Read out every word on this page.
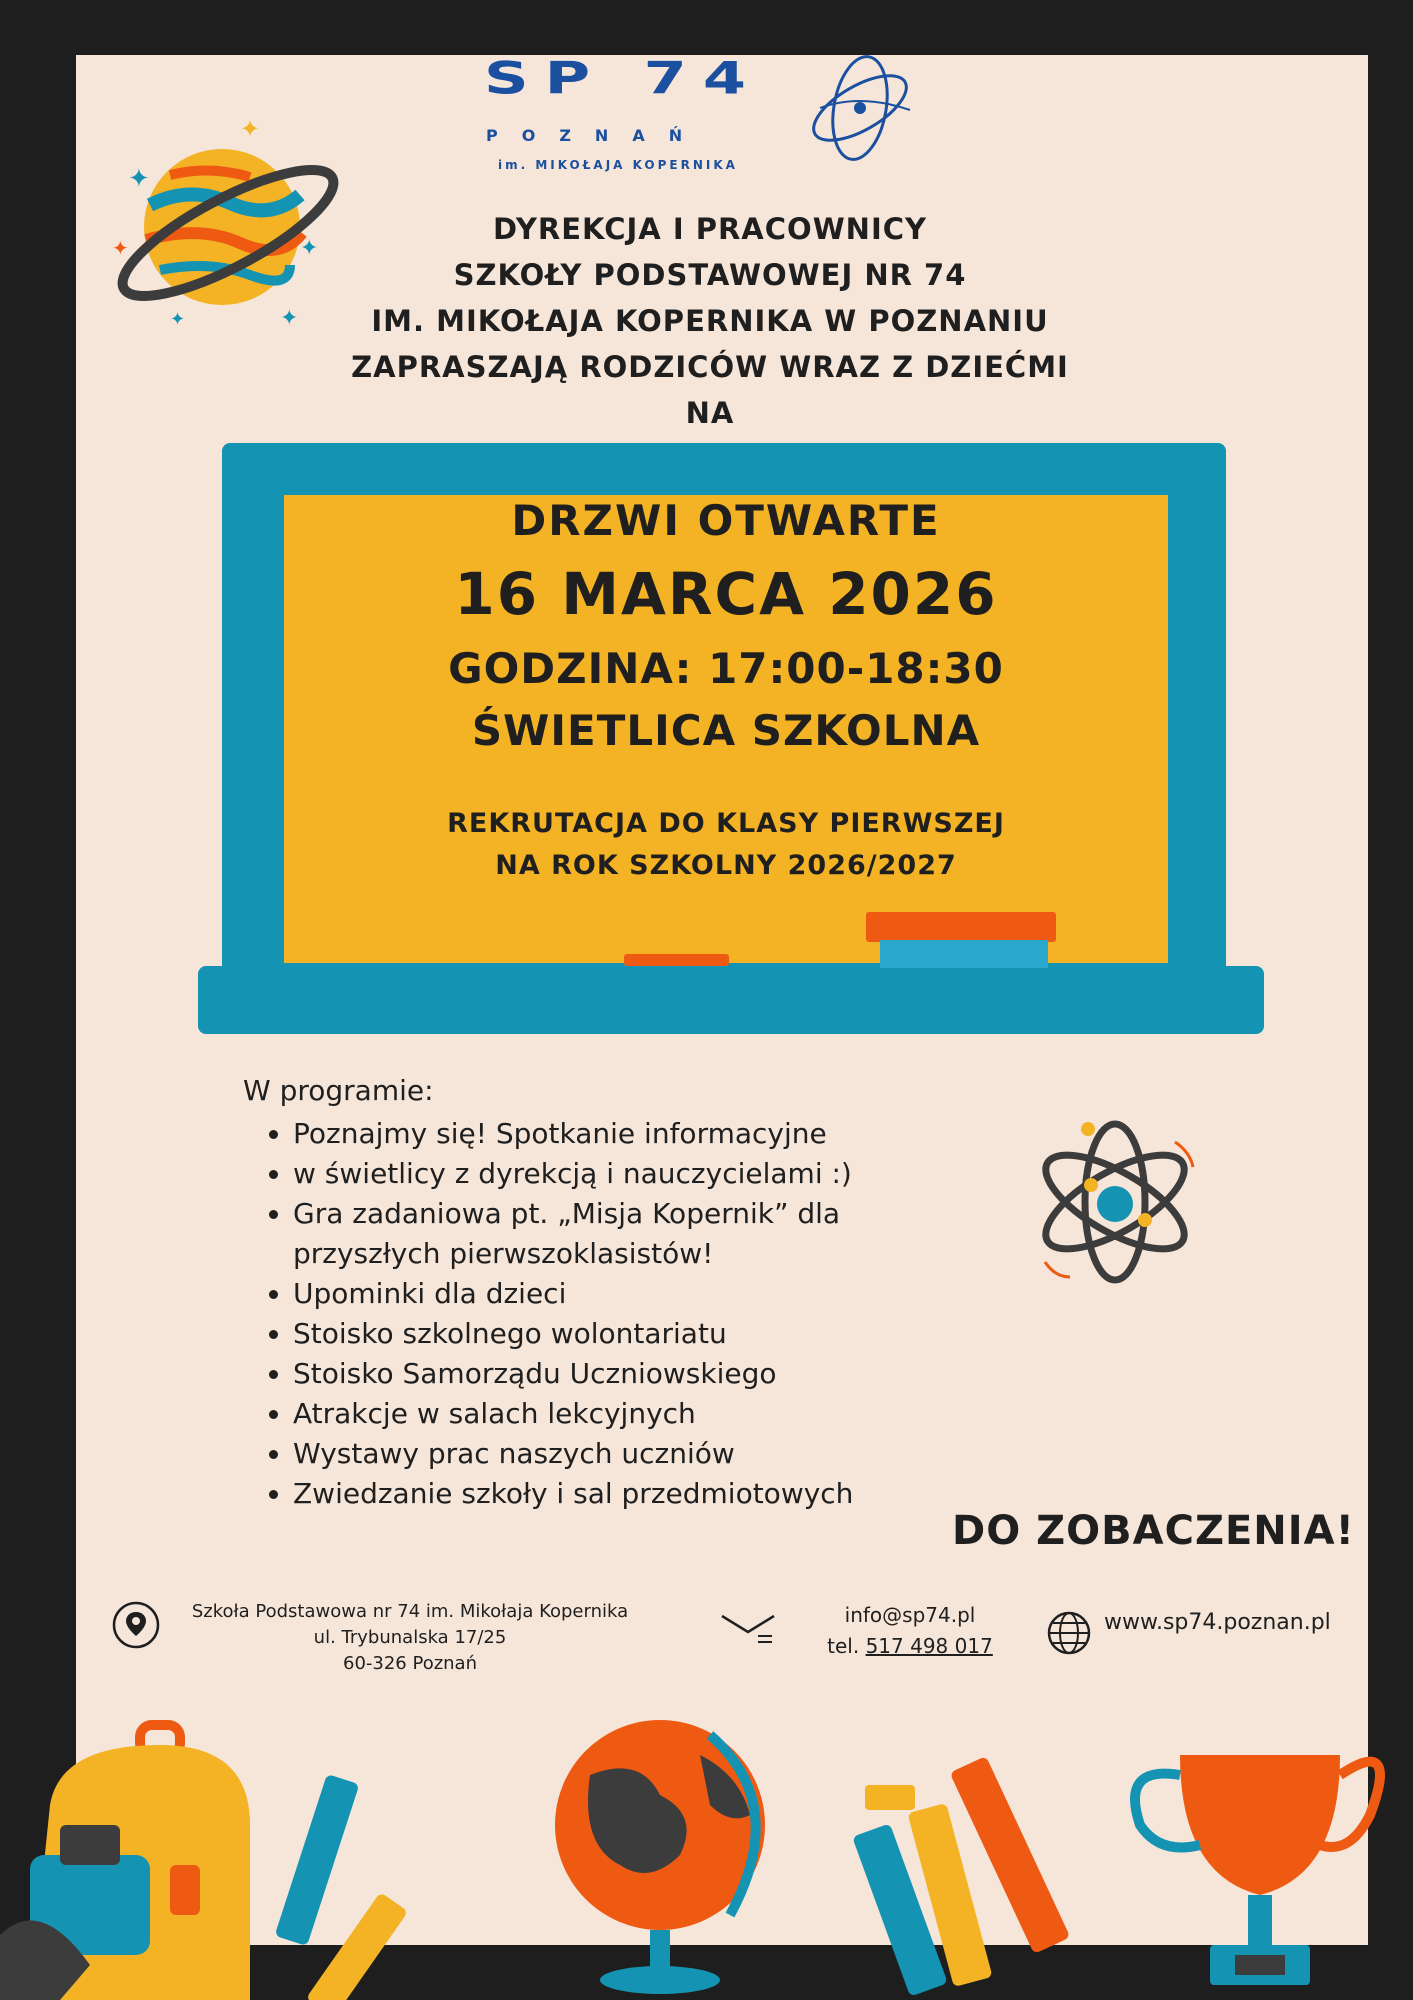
SP 74
POZNAŃ
im. MIKOŁAJA KOPERNIKA
✦
✦
✦
✦
✦
✦
DYREKCJA I PRACOWNICY
SZKOŁY PODSTAWOWEJ NR 74
IM. MIKOŁAJA KOPERNIKA W POZNANIU
ZAPRASZAJĄ RODZICÓW WRAZ Z DZIEĆMI
NA
DRZWI OTWARTE
16 MARCA 2026
GODZINA: 17:00-18:30
ŚWIETLICA SZKOLNA
REKRUTACJA DO KLASY PIERWSZEJ
NA ROK SZKOLNY 2026/2027
W programie:
• Poznajmy się! Spotkanie informacyjne
• w świetlicy z dyrekcją i nauczycielami :)
• Gra zadaniowa pt. „Misja Kopernik” dla przyszłych pierwszoklasistów!
• Upominki dla dzieci
• Stoisko szkolnego wolontariatu
• Stoisko Samorządu Uczniowskiego
• Atrakcje w salach lekcyjnych
• Wystawy prac naszych uczniów
• Zwiedzanie szkoły i sal przedmiotowych
DO ZOBACZENIA!
Szkoła Podstawowa nr 74 im. Mikołaja Kopernika
ul. Trybunalska 17/25
60-326 Poznań
info@sp74.pl
tel. 517 498 017
www.sp74.poznan.pl
